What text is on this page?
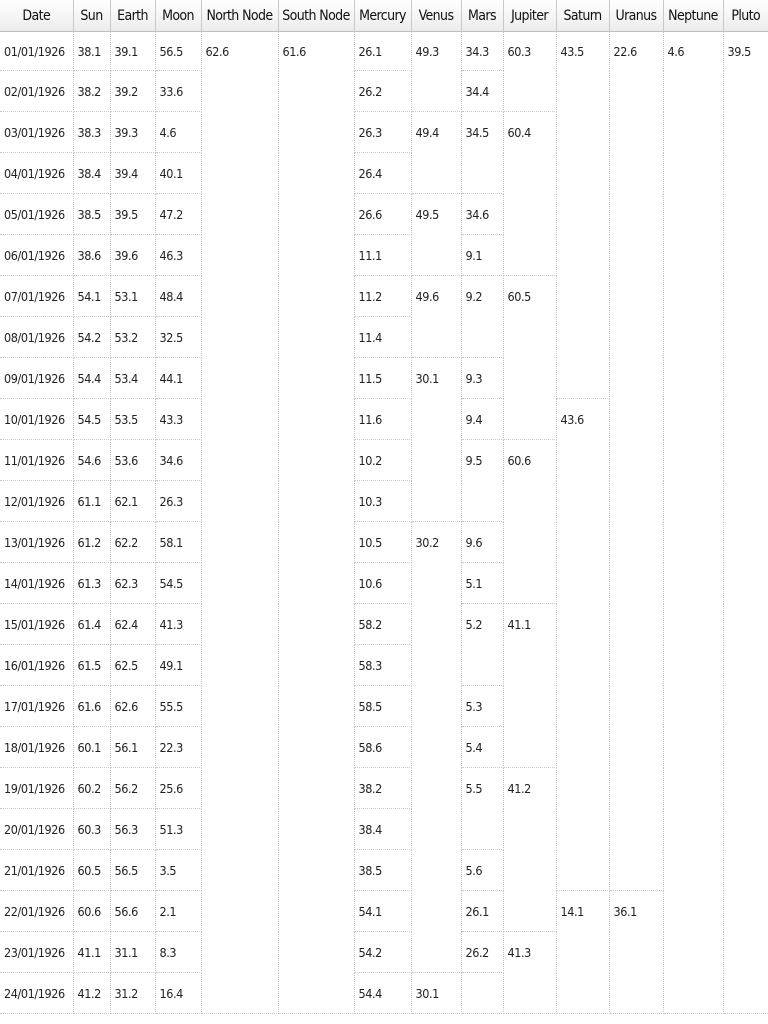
Date	Sun	Earth	Moon	North Node	South Node	Mercury	Venus	Mars	Jupiter	Saturn	Uranus	Neptune	Pluto
01/01/1926	38.1	39.1	56.5	62.6	61.6	26.1	49.3	34.3	60.3	43.5	22.6	4.6	39.5
02/01/1926	38.2	39.2	33.6			26.2		34.4					
03/01/1926	38.3	39.3	4.6			26.3	49.4	34.5	60.4				
04/01/1926	38.4	39.4	40.1			26.4							
05/01/1926	38.5	39.5	47.2			26.6	49.5	34.6					
06/01/1926	38.6	39.6	46.3			11.1		9.1					
07/01/1926	54.1	53.1	48.4			11.2	49.6	9.2	60.5				
08/01/1926	54.2	53.2	32.5			11.4							
09/01/1926	54.4	53.4	44.1			11.5	30.1	9.3					
10/01/1926	54.5	53.5	43.3			11.6		9.4		43.6			
11/01/1926	54.6	53.6	34.6			10.2		9.5	60.6				
12/01/1926	61.1	62.1	26.3			10.3							
13/01/1926	61.2	62.2	58.1			10.5	30.2	9.6					
14/01/1926	61.3	62.3	54.5			10.6		5.1					
15/01/1926	61.4	62.4	41.3			58.2		5.2	41.1				
16/01/1926	61.5	62.5	49.1			58.3							
17/01/1926	61.6	62.6	55.5			58.5		5.3					
18/01/1926	60.1	56.1	22.3			58.6		5.4					
19/01/1926	60.2	56.2	25.6			38.2		5.5	41.2				
20/01/1926	60.3	56.3	51.3			38.4							
21/01/1926	60.5	56.5	3.5			38.5		5.6					
22/01/1926	60.6	56.6	2.1			54.1		26.1		14.1	36.1		
23/01/1926	41.1	31.1	8.3			54.2		26.2	41.3				
24/01/1926	41.2	31.2	16.4			54.4	30.1						
